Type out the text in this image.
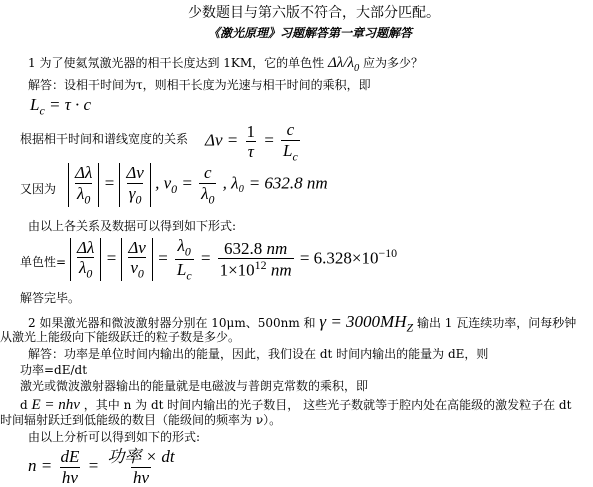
少数题目与第六版不符合，大部分匹配。
《激光原理》习题解答第一章习题解答
1 为了使氦氖激光器的相干长度达到 1KM，它的单色性 $\Delta\lambda/\lambda_0$ 应为多少？
解答：设相干时间为τ，则相干长度为光速与相干时间的乘积，即
$L_c = \tau \cdot c$
根据相干时间和谱线宽度的关系 $\Delta\nu = \frac{1}{\tau} = \frac{c}{L_c}$
又因为 $\frac{\Delta\lambda}{\lambda_0} = \frac{\Delta\nu}{\gamma_0}$ , $\nu_0 = \frac{c}{\lambda_0}$ , λ₀ = 632.8 nm
由以上各关系及数据可以得到如下形式:
单色性= $\frac{\Delta\lambda}{\lambda_0} = \frac{\Delta\nu}{\nu_0} = \frac{\lambda_0}{L_c} = \frac{632.8 nm}{1\times 10^{12} nm} = 6.328\times 10^{-10}$
解答完毕。
2 如果激光器和微波激射器分别在 10μm、500nm 和 $\gamma = 3000MH_Z$ 输出 1 瓦连续功率，问每秒钟
从激光上能级向下能级跃迁的粒子数是多少。
解答：功率是单位时间内输出的能量，因此，我们设在 dt 时间内输出的能量为 dE，则
功率=dE/dt
激光或微波激射器输出的能量就是电磁波与普朗克常数的乘积，即
d E = nhν ，其中 n 为 dt 时间内输出的光子数目， 这些光子数就等于腔内处在高能级的激发粒子在 dt
时间辐射跃迁到低能级的数目（能级间的频率为 ν）。
由以上分析可以得到如下的形式:
$n = \frac{dE}{h\nu} = \frac{\text{功率 × dt}}{h\nu}$
